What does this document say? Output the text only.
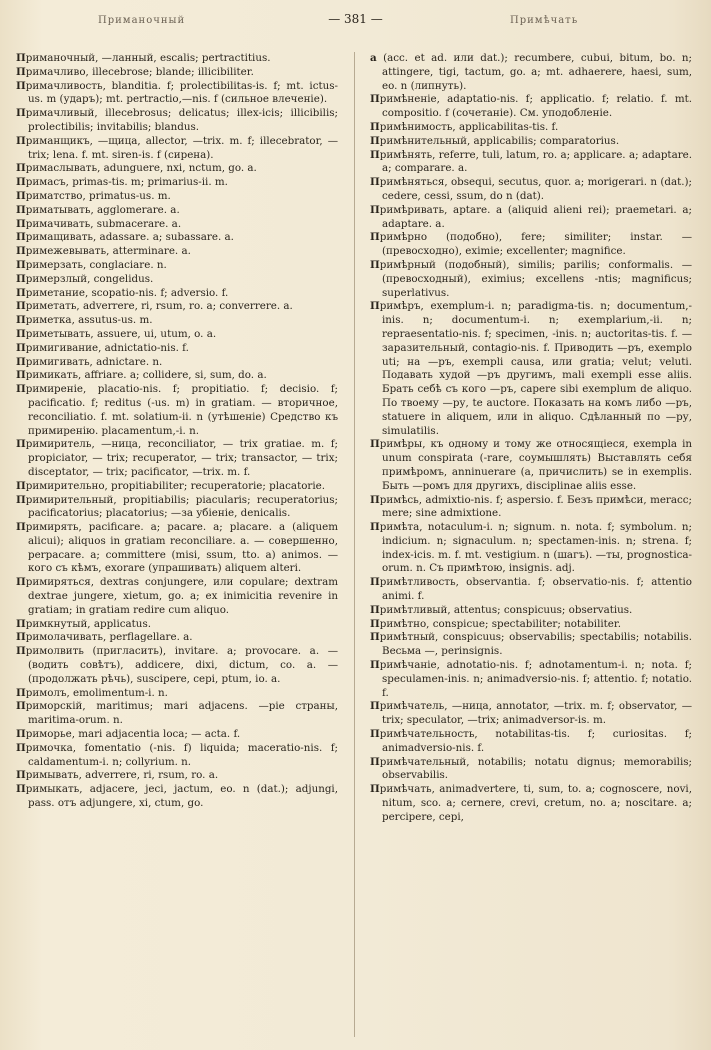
Приманочный	— 381 —	Примѣчать
Приманочный, —ланный, escalis; pertractitius.
Примачливо, illecebrose; blande; illicibiliter.
Примачливость, blanditia. f; prolectibilitas-is. f; mt. ictus-us. m (ударъ); mt. pertractio,—nis. f (сильное влеченіе).
Примачливый, illecebrosus; delicatus; illex-icis; illicibilis; prolectibilis; invitabilis; blandus.
Приманщикъ, —щица, allector, —trix. m. f; illecebrator, — trix; lena. f. mt. siren-is. f (сирена).
Примаслывать, adunguere, nxi, nctum, go. a.
Примасъ, primas-tis. m; primarius-ii. m.
Приматство, primatus-us. m.
Приматывать, agglomerare. a.
Примачивать, submacerare. a.
Примащивать, adassare. a; subassare. a.
Примежевывать, atterminare. a.
Примерзать, conglaciare. n.
Примерзлый, congelidus.
Приметание, scopatio-nis. f; adversio. f.
Приметать, adverrere, ri, rsum, ro. a; converrere. a.
Приметка, assutus-us. m.
Приметывать, assuere, ui, utum, o. a.
Примигивание, adnictatio-nis. f.
Примигивать, adnictare. n.
Примикать, affriare. a; collidere, si, sum, do. a.
Примиреніе, placatio-nis. f; propitiatio. f; decisio. f; pacificatio. f; reditus (-us. m) in gratiam. — вторичное, reconciliatio. f. mt. solatium-ii. n (утѣшеніе) Средство къ примиренію. placamentum,-i. n.
Примиритель, —ница, reconciliator, — trix gratiae. m. f; propiciator, — trix; recuperator, — trix; transactor, — trix; disceptator, — trix; pacificator, —trix. m. f.
Примирительно, propitiabiliter; recuperatorie; placatorie.
Примирительный, propitiabilis; piacularis; recuperatorius; pacificatorius; placatorius; —за убіеніе, denicalis.
Примирять, pacificare. a; pacare. a; placare. a (aliquem alicui); aliquos in gratiam reconciliare. a. — совершенно, perpacare. a; committere (misi, ssum, tto. a) animos. — кого съ кѣмъ, exorare (упрашивать) aliquem alteri.
Примиряться, dextras conjungere, или copulare; dextram dextrae jungere, xietum, go. a; ex inimicitia revenire in gratiam; in gratiam redire cum aliquo.
Примкнутый, applicatus.
Примолачивать, perflagellare. a.
Примолвить (пригласить), invitare. a; provocare. a. — (водить совѣтъ), addicere, dixi, dictum, co. a. — (продолжать рѣчь), suscipere, cepi, ptum, io. a.
Примолъ, emolimentum-i. n.
Приморскій, maritimus; mari adjacens. —ріе страны, maritima-orum. n.
Приморье, mari adjacentia loca; — acta. f.
Примочка, fomentatio (-nis. f) liquida; maceratio-nis. f; caldamentum-i. n; collyrium. n.
Примывать, adverrere, ri, rsum, ro. a.
Примыкать, adjacere, jeci, jactum, eo. n (dat.); adjungi, pass. отъ adjungere, xi, ctum, go.
a (acc. et ad. или dat.); recumbere, cubui, bitum, bo. n; attingere, tigi, tactum, go. a; mt. adhaerere, haesi, sum, eo. n (липнуть).
Примѣненіе, adaptatio-nis. f; applicatio. f; relatio. f. mt. compositio. f (сочетаніе). См. уподобленіе.
Примѣнимость, applicabilitas-tis. f.
Примѣнительный, applicabilis; comparatorius.
Примѣнять, referre, tuli, latum, ro. a; applicare. a; adaptare. a; comparare. a.
Примѣняться, obsequi, secutus, quor. a; morigerari. n (dat.); cedere, cessi, ssum, do n (dat).
Примѣривать, aptare. a (aliquid alieni rei); praemetari. a; adaptare. a.
Примѣрно (подобно), fere; similiter; instar. — (превосходно), eximie; excellenter; magnifice.
Примѣрный (подобный), similis; parilis; conformalis. — (превосходный), eximius; excellens -ntis; magnificus; superlativus.
Примѣръ, exemplum-i. n; paradigma-tis. n; documentum,-inis. n; documentum-i. n; exemplarium,-ii. n; repraesentatio-nis. f; specimen, -inis. n; auctoritas-tis. f. — заразительный, contagio-nis. f. Приводить —ръ, exemplo uti; на —ръ, exempli causa, или gratia; velut; veluti. Подавать худой —ръ другимъ, mali exempli esse aliis. Брать себѣ съ кого —ръ, capere sibi exemplum de aliquo. По твоему —ру, te auctore. Показать на комъ либо —ръ, statuere in aliquem, или in aliquo. Сдѣланный по —ру, simulatilis.
Примѣры, къ одному и тому же относящіеся, exempla in unum conspirata (-rare, соумышлять) Выставлять себя примѣромъ, anninuerare (a, причислить) se in exemplis. Быть —ромъ для другихъ, disciplinae aliis esse.
Примѣсь, admixtio-nis. f; aspersio. f. Безъ примѣси, meracc; mere; sine admixtione.
Примѣта, notaculum-i. n; signum. n. nota. f; symbolum. n; indicium. n; signaculum. n; spectamen-inis. n; strena. f; index-icis. m. f. mt. vestigium. n (шагъ). —ты, prognostica-orum. n. Съ примѣтою, insignis. adj.
Примѣтливость, observantia. f; observatio-nis. f; attentio animi. f.
Примѣтливый, attentus; conspicuus; observatius.
Примѣтно, conspicue; spectabiliter; notabiliter.
Примѣтный, conspicuus; observabilis; spectabilis; notabilis. Весьма —, perinsignis.
Примѣчаніе, adnotatio-nis. f; adnotamentum-i. n; nota. f; speculamen-inis. n; animadversio-nis. f; attentio. f; notatio. f.
Примѣчатель, —ница, annotator, —trix. m. f; observator, —trix; speculator, —trix; animadversor-is. m.
Примѣчательность, notabilitas-tis. f; curiositas. f; animadversio-nis. f.
Примѣчательный, notabilis; notatu dignus; memorabilis; observabilis.
Примѣчать, animadvertere, ti, sum, to. a; cognoscere, novi, nitum, sco. a; cernere, crevi, cretum, no. a; noscitare. a; percipere, cepi,
